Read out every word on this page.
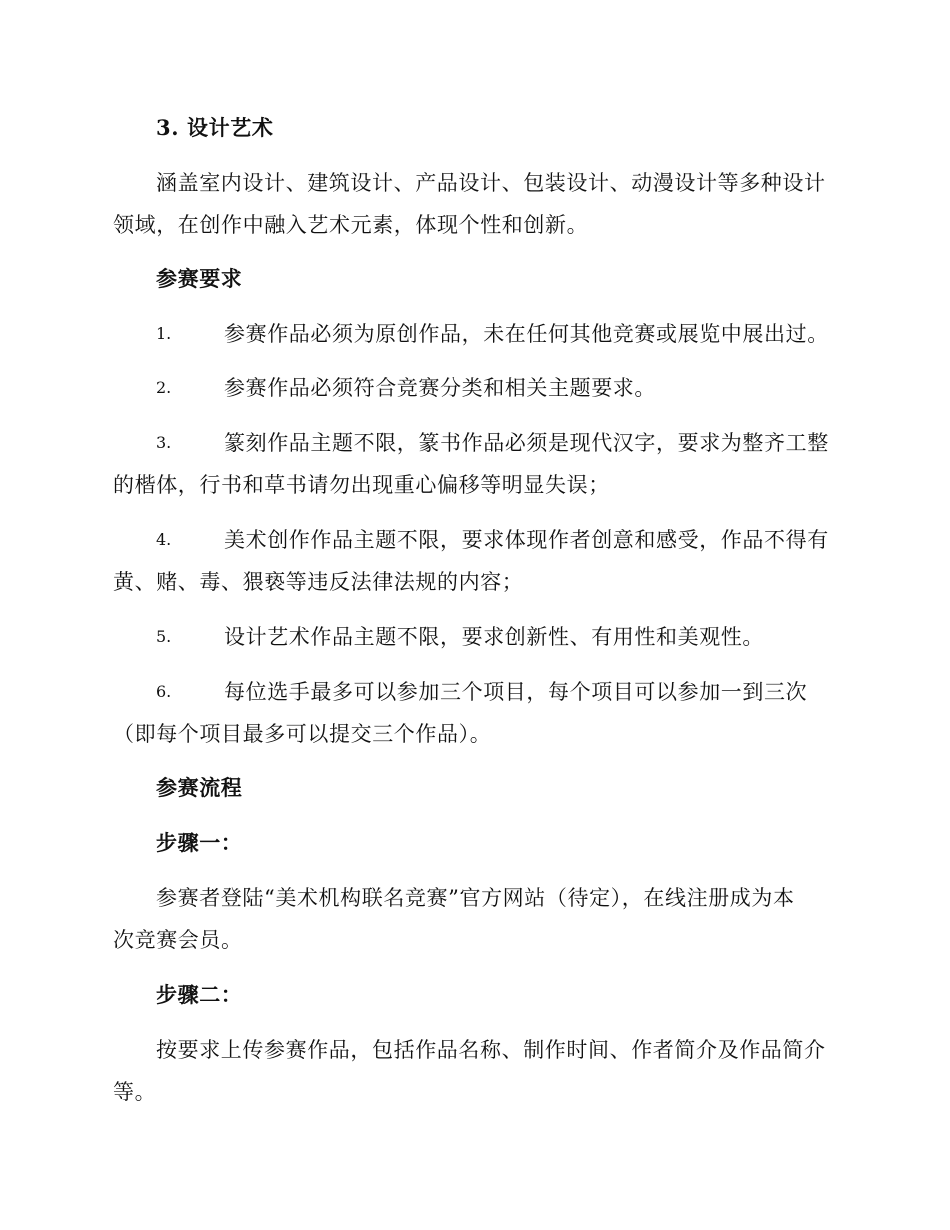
3. 设计艺术
涵盖室内设计、建筑设计、产品设计、包装设计、动漫设计等多种设计
领域，在创作中融入艺术元素，体现个性和创新。
参赛要求
1.	参赛作品必须为原创作品，未在任何其他竞赛或展览中展出过。
2.	参赛作品必须符合竞赛分类和相关主题要求。
3.	篆刻作品主题不限，篆书作品必须是现代汉字，要求为整齐工整
的楷体，行书和草书请勿出现重心偏移等明显失误；
4.	美术创作作品主题不限，要求体现作者创意和感受，作品不得有
黄、赌、毒、猥亵等违反法律法规的内容；
5.	设计艺术作品主题不限，要求创新性、有用性和美观性。
6.	每位选手最多可以参加三个项目，每个项目可以参加一到三次
（即每个项目最多可以提交三个作品）。
参赛流程
步骤一：
参赛者登陆“美术机构联名竞赛”官方网站（待定），在线注册成为本
次竞赛会员。
步骤二：
按要求上传参赛作品，包括作品名称、制作时间、作者简介及作品简介
等。
